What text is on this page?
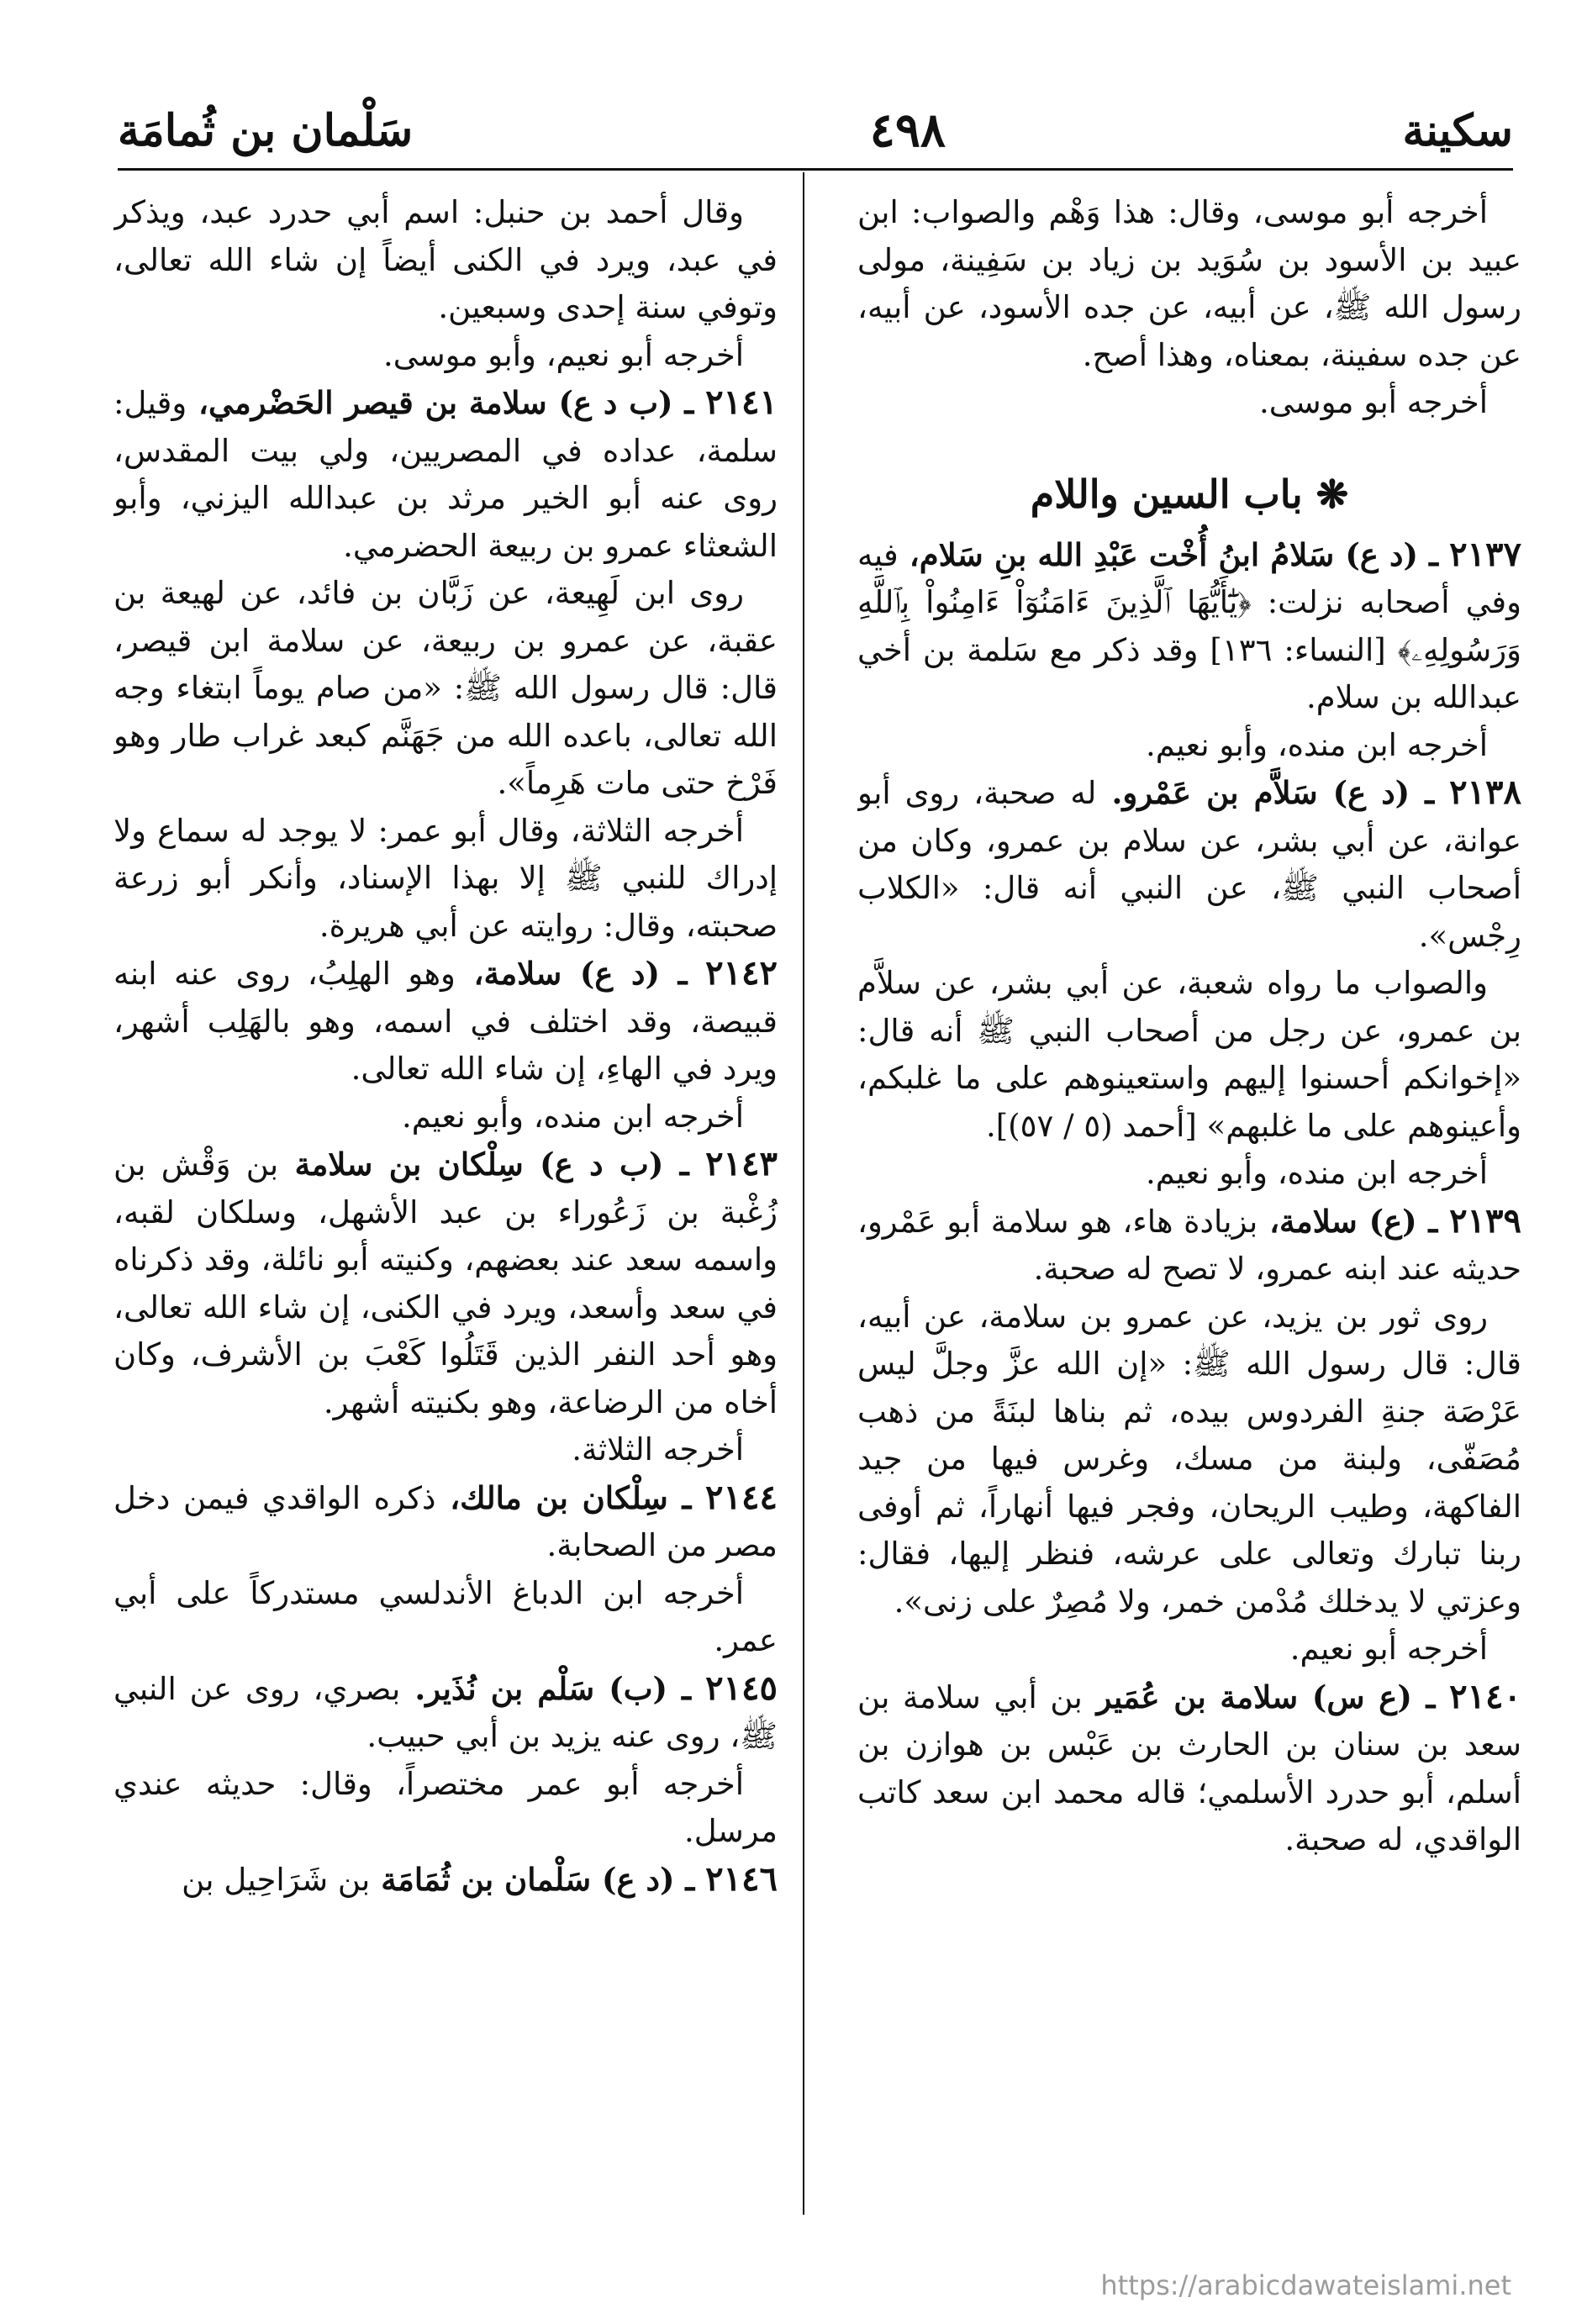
سكينة
٤٩٨
سَلْمان بن ثُمامَة

أخرجه أبو موسى، وقال: هذا وَهْم والصواب: ابن عبيد بن الأسود بن سُوَيد بن زياد بن سَفِينة، مولى رسول الله ﷺ، عن أبيه، عن جده الأسود، عن أبيه، عن جده سفينة، بمعناه، وهذا أصح.

أخرجه أبو موسى.

❋ باب السين واللام

٢١٣٧ ـ (د ع) سَلامُ ابنُ أُخْت عَبْدِ الله بنِ سَلام، فيه وفي أصحابه نزلت: ﴿يَٰٓأَيُّهَا ٱلَّذِينَ ءَامَنُوٓاْ ءَامِنُواْ بِٱللَّهِ وَرَسُولِهِۦ﴾ [النساء: ١٣٦] وقد ذكر مع سَلمة بن أخي عبدالله بن سلام.

أخرجه ابن منده، وأبو نعيم.

٢١٣٨ ـ (د ع) سَلاَّم بن عَمْرو. له صحبة، روى أبو عوانة، عن أبي بشر، عن سلام بن عمرو، وكان من أصحاب النبي ﷺ، عن النبي أنه قال: «الكلاب رِجْس».

والصواب ما رواه شعبة، عن أبي بشر، عن سلاَّم بن عمرو، عن رجل من أصحاب النبي ﷺ أنه قال: «إخوانكم أحسنوا إليهم واستعينوهم على ما غلبكم، وأعينوهم على ما غلبهم» [أحمد (٥ / ٥٧)].

أخرجه ابن منده، وأبو نعيم.

٢١٣٩ ـ (ع) سلامة، بزيادة هاء، هو سلامة أبو عَمْرو، حديثه عند ابنه عمرو، لا تصح له صحبة.

روى ثور بن يزيد، عن عمرو بن سلامة، عن أبيه، قال: قال رسول الله ﷺ: «إن الله عزَّ وجلَّ ليس عَرْصَة جنةِ الفردوس بيده، ثم بناها لبنَةً من ذهب مُصَفّى، ولبنة من مسك، وغرس فيها من جيد الفاكهة، وطيب الريحان، وفجر فيها أنهاراً، ثم أوفى ربنا تبارك وتعالى على عرشه، فنظر إليها، فقال: وعزتي لا يدخلك مُدْمن خمر، ولا مُصِرٌ على زنى».

أخرجه أبو نعيم.

٢١٤٠ ـ (ع س) سلامة بن عُمَير بن أبي سلامة بن سعد بن سنان بن الحارث بن عَبْس بن هوازن بن أسلم، أبو حدرد الأسلمي؛ قاله محمد ابن سعد كاتب الواقدي، له صحبة.

وقال أحمد بن حنبل: اسم أبي حدرد عبد، ويذكر في عبد، ويرد في الكنى أيضاً إن شاء الله تعالى، وتوفي سنة إحدى وسبعين.

أخرجه أبو نعيم، وأبو موسى.

٢١٤١ ـ (ب د ع) سلامة بن قيصر الحَضْرمي، وقيل: سلمة، عداده في المصريين، ولي بيت المقدس، روى عنه أبو الخير مرثد بن عبدالله اليزني، وأبو الشعثاء عمرو بن ربيعة الحضرمي.

روى ابن لَهِيعة، عن زَبَّان بن فائد، عن لهيعة بن عقبة، عن عمرو بن ربيعة، عن سلامة ابن قيصر، قال: قال رسول الله ﷺ: «من صام يوماً ابتغاء وجه الله تعالى، باعده الله من جَهَنَّم كبعد غراب طار وهو فَرْخ حتى مات هَرِماً».

أخرجه الثلاثة، وقال أبو عمر: لا يوجد له سماع ولا إدراك للنبي ﷺ إلا بهذا الإسناد، وأنكر أبو زرعة صحبته، وقال: روايته عن أبي هريرة.

٢١٤٢ ـ (د ع) سلامة، وهو الهلِبُ، روى عنه ابنه قبيصة، وقد اختلف في اسمه، وهو بالهَلِب أشهر، ويرد في الهاءِ، إن شاء الله تعالى.

أخرجه ابن منده، وأبو نعيم.

٢١٤٣ ـ (ب د ع) سِلْكان بن سلامة بن وَقْش بن زُغْبة بن زَعُوراء بن عبد الأشهل، وسلكان لقبه، واسمه سعد عند بعضهم، وكنيته أبو نائلة، وقد ذكرناه في سعد وأسعد، ويرد في الكنى، إن شاء الله تعالى، وهو أحد النفر الذين قَتَلُوا كَعْبَ بن الأشرف، وكان أخاه من الرضاعة، وهو بكنيته أشهر.

أخرجه الثلاثة.

٢١٤٤ ـ سِلْكان بن مالك، ذكره الواقدي فيمن دخل مصر من الصحابة.

أخرجه ابن الدباغ الأندلسي مستدركاً على أبي عمر.

٢١٤٥ ـ (ب) سَلْم بن نُذَير. بصري، روى عن النبي ﷺ، روى عنه يزيد بن أبي حبيب.

أخرجه أبو عمر مختصراً، وقال: حديثه عندي مرسل.

٢١٤٦ ـ (د ع) سَلْمان بن ثُمَامَة بن شَرَاحِيل بن

https://arabicdawateislami.net
